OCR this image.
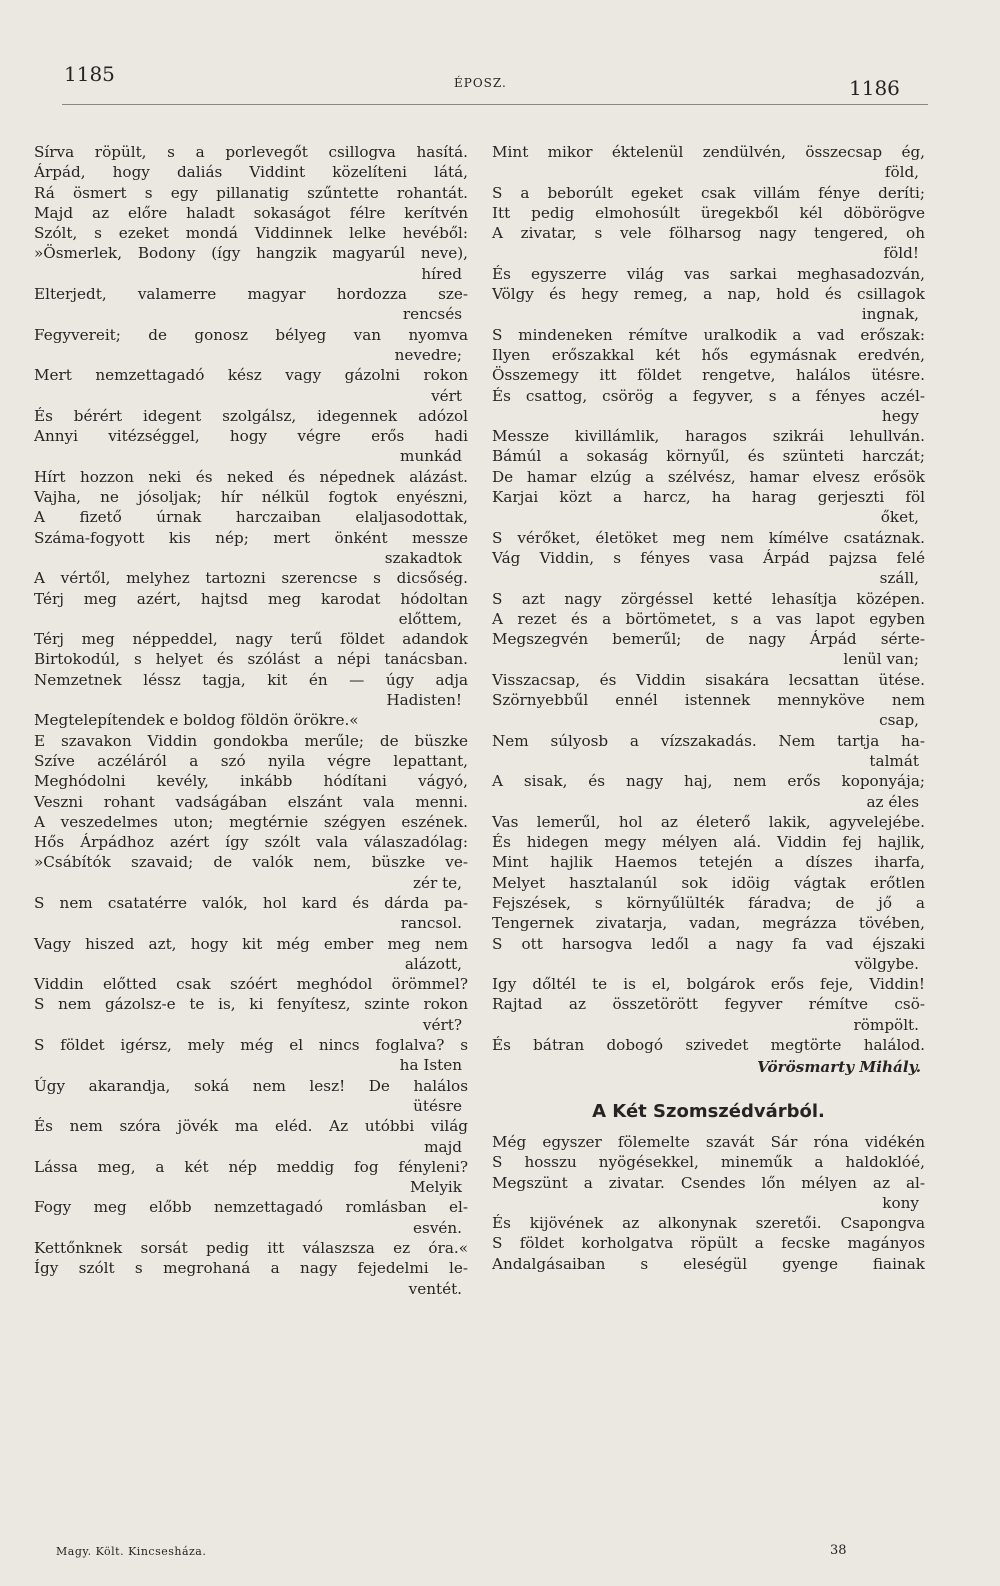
1185	ÉPOSZ.	1186
Sírva röpült, s a porlevegőt csillogva hasítá.
Árpád, hogy daliás Viddint közelíteni látá,
Rá ösmert s egy pillanatig szűntette rohantát.
Majd az előre haladt sokaságot félre kerítvén
Szólt, s ezeket mondá Viddinnek lelke hevéből:
»Ösmerlek, Bodony (így hangzik magyarúl neve),
híred
Elterjedt, valamerre magyar hordozza sze-
rencsés
Fegyvereit; de gonosz bélyeg van nyomva
nevedre;
Mert nemzettagadó kész vagy gázolni rokon
vért
És bérért idegent szolgálsz, idegennek adózol
Annyi vitézséggel, hogy végre erős hadi
munkád
Hírt hozzon neki és neked és népednek alázást.
Vajha, ne jósoljak; hír nélkül fogtok enyészni,
A fizető úrnak harczaiban elaljasodottak,
Száma-fogyott kis nép; mert önként messze
szakadtok
A vértől, melyhez tartozni szerencse s dicsőség.
Térj meg azért, hajtsd meg karodat hódoltan
előttem,
Térj meg néppeddel, nagy terű földet adandok
Birtokodúl, s helyet és szólást a népi tanácsban.
Nemzetnek léssz tagja, kit én — úgy adja
Hadisten!
Megtelepítendek e boldog földön örökre.«
E szavakon Viddin gondokba merűle; de büszke
Szíve aczéláról a szó nyila végre lepattant,
Meghódolni kevély, inkább hódítani vágyó,
Veszni rohant vadságában elszánt vala menni.
A veszedelmes uton; megtérnie szégyen eszének.
Hős Árpádhoz azért így szólt vala válaszadólag:
»Csábítók szavaid; de valók nem, büszke ve-
zér te,
S nem csatatérre valók, hol kard és dárda pa-
rancsol.
Vagy hiszed azt, hogy kit még ember meg nem
alázott,
Viddin előtted csak szóért meghódol örömmel?
S nem gázolsz-e te is, ki fenyítesz, szinte rokon
vért?
S földet igérsz, mely még el nincs foglalva? s
ha Isten
Úgy akarandja, soká nem lesz! De halálos
ütésre
És nem szóra jövék ma eléd. Az utóbbi világ
majd
Lássa meg, a két nép meddig fog fényleni?
Melyik
Fogy meg előbb nemzettagadó romlásban el-
esvén.
Kettőnknek sorsát pedig itt válaszsza ez óra.«
Így szólt s megrohaná a nagy fejedelmi le-
ventét.
Mint mikor éktelenül zendülvén, összecsap ég,
föld,
S a beborúlt egeket csak villám fénye deríti;
Itt pedig elmohosúlt üregekből kél döbörögve
A zivatar, s vele fölharsog nagy tengered, oh
föld!
És egyszerre világ vas sarkai meghasadozván,
Völgy és hegy remeg, a nap, hold és csillagok
ingnak,
S mindeneken rémítve uralkodik a vad erőszak:
Ilyen erőszakkal két hős egymásnak eredvén,
Összemegy itt földet rengetve, halálos ütésre.
És csattog, csörög a fegyver, s a fényes aczél-
hegy
Messze kivillámlik, haragos szikrái lehullván.
Bámúl a sokaság környűl, és szünteti harczát;
De hamar elzúg a szélvész, hamar elvesz erősök
Karjai közt a harcz, ha harag gerjeszti föl
őket,
S vérőket, életöket meg nem kímélve csatáznak.
Vág Viddin, s fényes vasa Árpád pajzsa felé
száll,
S azt nagy zörgéssel ketté lehasítja középen.
A rezet és a börtömetet, s a vas lapot egyben
Megszegvén bemerűl; de nagy Árpád sérte-
lenül van;
Visszacsap, és Viddin sisakára lecsattan ütése.
Szörnyebbűl ennél istennek mennyköve nem
csap,
Nem súlyosb a vízszakadás. Nem tartja ha-
talmát
A sisak, és nagy haj, nem erős koponyája;
az éles
Vas lemerűl, hol az életerő lakik, agyvelejébe.
És hidegen megy mélyen alá. Viddin fej hajlik,
Mint hajlik Haemos tetején a díszes iharfa,
Melyet hasztalanúl sok idöig vágtak erőtlen
Fejszések, s környűlülték fáradva; de jő a
Tengernek zivatarja, vadan, megrázza tövében,
S ott harsogva ledől a nagy fa vad éjszaki
völgybe.
Igy dőltél te is el, bolgárok erős feje, Viddin!
Rajtad az összetörött fegyver rémítve csö-
römpölt.
És bátran dobogó szivedet megtörte halálod.
Vörösmarty Mihály.
A Két Szomszédvárból.
Még egyszer fölemelte szavát Sár róna vidékén
S hosszu nyögésekkel, mineműk a haldoklóé,
Megszünt a zivatar. Csendes lőn mélyen az al-
kony
És kijövének az alkonynak szeretői. Csapongva
S földet korholgatva röpült a fecske magányos
Andalgásaiban s eleségül gyenge fiainak
Magy. Költ. Kincsesháza.	38
